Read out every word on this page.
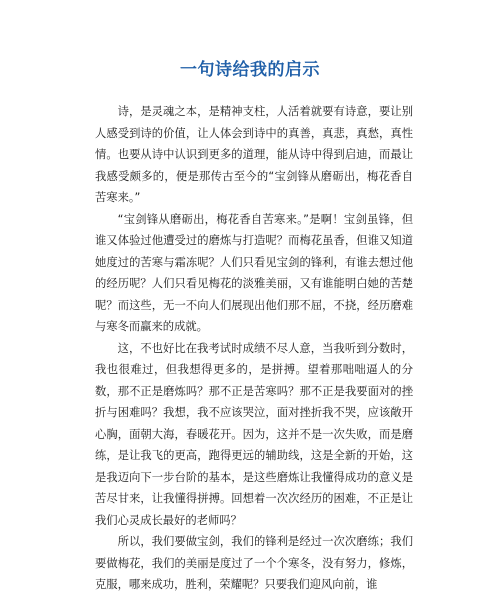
一句诗给我的启示

诗，是灵魂之本，是精神支柱，人活着就要有诗意，要让别人感受到诗的价值，让人体会到诗中的真善，真悲，真愁，真性情。也要从诗中认识到更多的道理，能从诗中得到启迪，而最让我感受颇多的，便是那传古至今的“宝剑锋从磨砺出，梅花香自苦寒来。”

“宝剑锋从磨砺出，梅花香自苦寒来。”是啊！宝剑虽锋，但谁又体验过他遭受过的磨炼与打造呢？而梅花虽香，但谁又知道她度过的苦寒与霜冻呢？人们只看见宝剑的锋利，有谁去想过他的经历呢？人们只看见梅花的淡雅美丽，又有谁能明白她的苦楚呢？而这些，无一不向人们展现出他们那不屈，不挠，经历磨难与寒冬而赢来的成就。

这，不也好比在我考试时成绩不尽人意，当我听到分数时，我也很难过，但我想得更多的，是拼搏。望着那咄咄逼人的分数，那不正是磨炼吗？那不正是苦寒吗？那不正是我要面对的挫折与困难吗？我想，我不应该哭泣，面对挫折我不哭，应该敞开心胸，面朝大海，春暖花开。因为，这并不是一次失败，而是磨练，是让我飞的更高，跑得更远的辅助线，这是全新的开始，这是我迈向下一步台阶的基本，是这些磨炼让我懂得成功的意义是苦尽甘来，让我懂得拼搏。回想着一次次经历的困难，不正是让我们心灵成长最好的老师吗？

所以，我们要做宝剑，我们的锋利是经过一次次磨练；我们要做梅花，我们的美丽是度过了一个个寒冬，没有努力，修炼，克服，哪来成功，胜利，荣耀呢？只要我们迎风向前，谁
